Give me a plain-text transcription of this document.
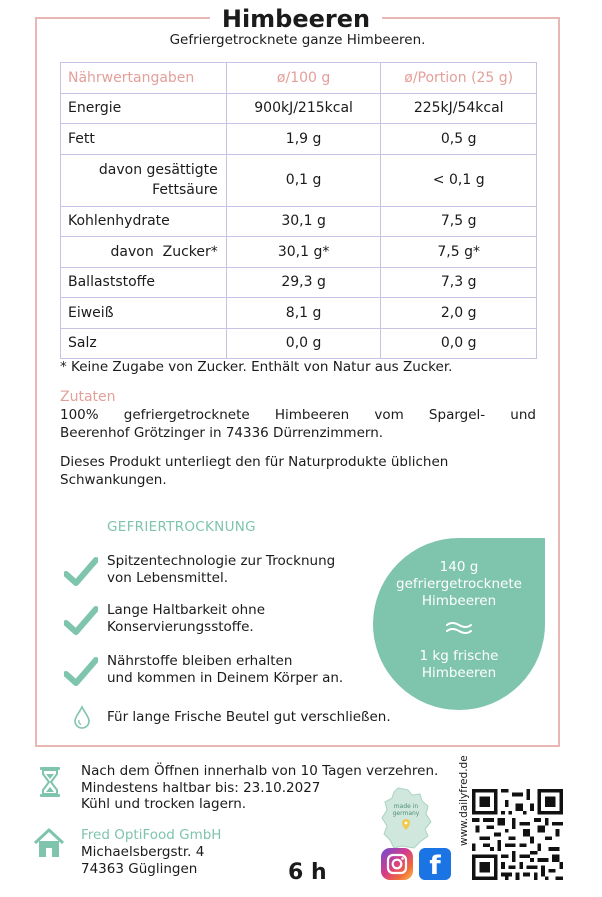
Himbeeren
Gefriergetrocknete ganze Himbeeren.
Nährwertangaben	ø/100 g	ø/Portion (25 g)
Energie	900kJ/215kcal	225kJ/54kcal
Fett	1,9 g	0,5 g
davon gesättigte
Fettsäure	0,1 g	< 0,1 g
Kohlenhydrate	30,1 g	7,5 g
davon  Zucker*	30,1 g*	7,5 g*
Ballaststoffe	29,3 g	7,3 g
Eiweiß	8,1 g	2,0 g
Salz	0,0 g	0,0 g
* Keine Zugabe von Zucker. Enthält von Natur aus Zucker.
Zutaten
100% gefriergetrocknete Himbeeren vom Spargel- und
Beerenhof Grötzinger in 74336 Dürrenzimmern.
Dieses Produkt unterliegt den für Naturprodukte üblichen
Schwankungen.
GEFRIERTROCKNUNG
Spitzentechnologie zur Trocknung
von Lebensmittel.
Lange Haltbarkeit ohne
Konservierungsstoffe.
Nährstoffe bleiben erhalten
und kommen in Deinem Körper an.
140 g
gefriergetrocknete
Himbeeren
1 kg frische
Himbeeren
Für lange Frische Beutel gut verschließen.
Nach dem Öffnen innerhalb von 10 Tagen verzehren.
Mindestens haltbar bis: 23.10.2027
Kühl und trocken lagern.
Fred OptiFood GmbH
Michaelsbergstr. 4
74363 Güglingen	6 h
made in
germany
f
www.dailyfred.de
